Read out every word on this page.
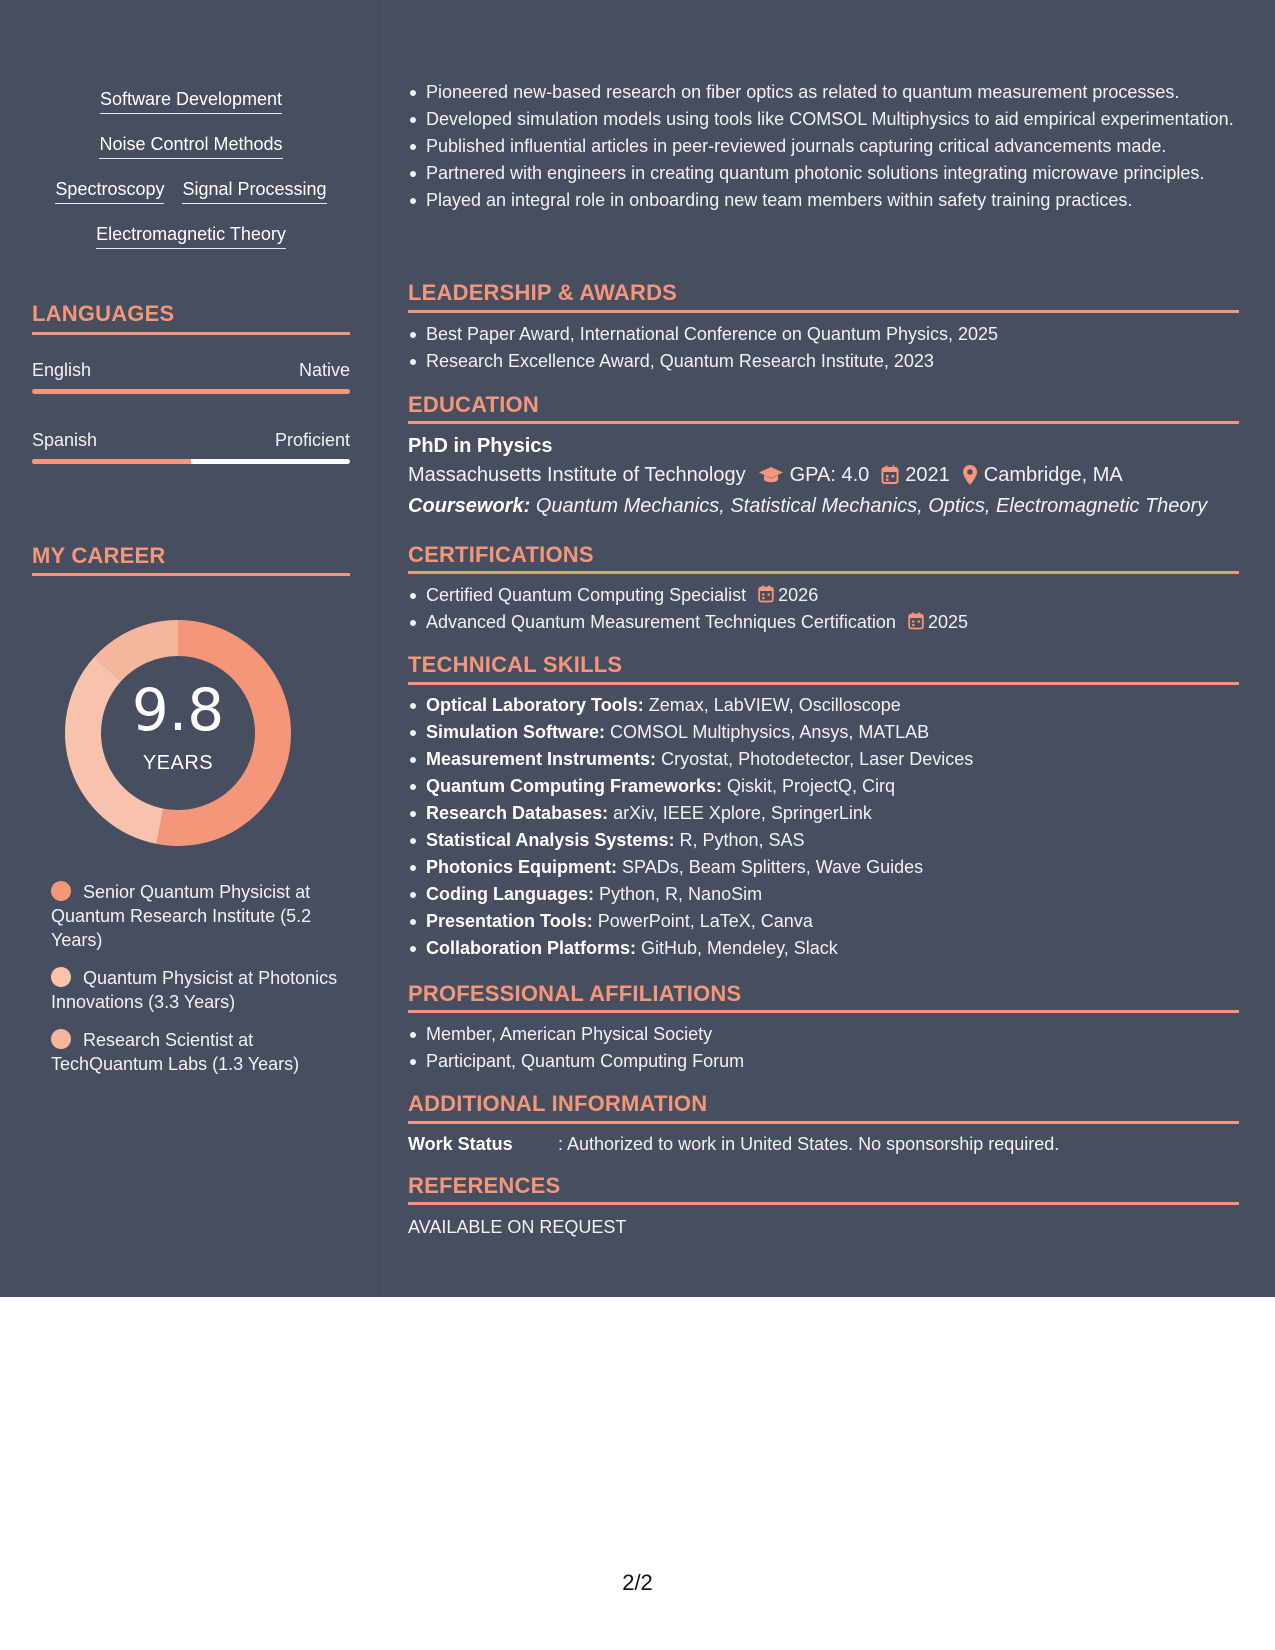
Software Development
Noise Control Methods
Spectroscopy Signal Processing
Electromagnetic Theory
LANGUAGES
English	Native
Spanish	Proficient
MY CAREER
9.8
YEARS
Senior Quantum Physicist at Quantum Research Institute (5.2 Years)
Quantum Physicist at Photonics Innovations (3.3 Years)
Research Scientist at TechQuantum Labs (1.3 Years)
Pioneered new-based research on fiber optics as related to quantum measurement processes.
Developed simulation models using tools like COMSOL Multiphysics to aid empirical experimentation.
Published influential articles in peer-reviewed journals capturing critical advancements made.
Partnered with engineers in creating quantum photonic solutions integrating microwave principles.
Played an integral role in onboarding new team members within safety training practices.
LEADERSHIP & AWARDS
Best Paper Award, International Conference on Quantum Physics, 2025
Research Excellence Award, Quantum Research Institute, 2023
EDUCATION
PhD in Physics
Massachusetts Institute of Technology GPA: 4.0 2021 Cambridge, MA
Coursework: Quantum Mechanics, Statistical Mechanics, Optics, Electromagnetic Theory
CERTIFICATIONS
Certified Quantum Computing Specialist 2026
Advanced Quantum Measurement Techniques Certification 2025
TECHNICAL SKILLS
Optical Laboratory Tools: Zemax, LabVIEW, Oscilloscope
Simulation Software: COMSOL Multiphysics, Ansys, MATLAB
Measurement Instruments: Cryostat, Photodetector, Laser Devices
Quantum Computing Frameworks: Qiskit, ProjectQ, Cirq
Research Databases: arXiv, IEEE Xplore, SpringerLink
Statistical Analysis Systems: R, Python, SAS
Photonics Equipment: SPADs, Beam Splitters, Wave Guides
Coding Languages: Python, R, NanoSim
Presentation Tools: PowerPoint, LaTeX, Canva
Collaboration Platforms: GitHub, Mendeley, Slack
PROFESSIONAL AFFILIATIONS
Member, American Physical Society
Participant, Quantum Computing Forum
ADDITIONAL INFORMATION
Work Status	: Authorized to work in United States. No sponsorship required.
REFERENCES
AVAILABLE ON REQUEST
2/2
